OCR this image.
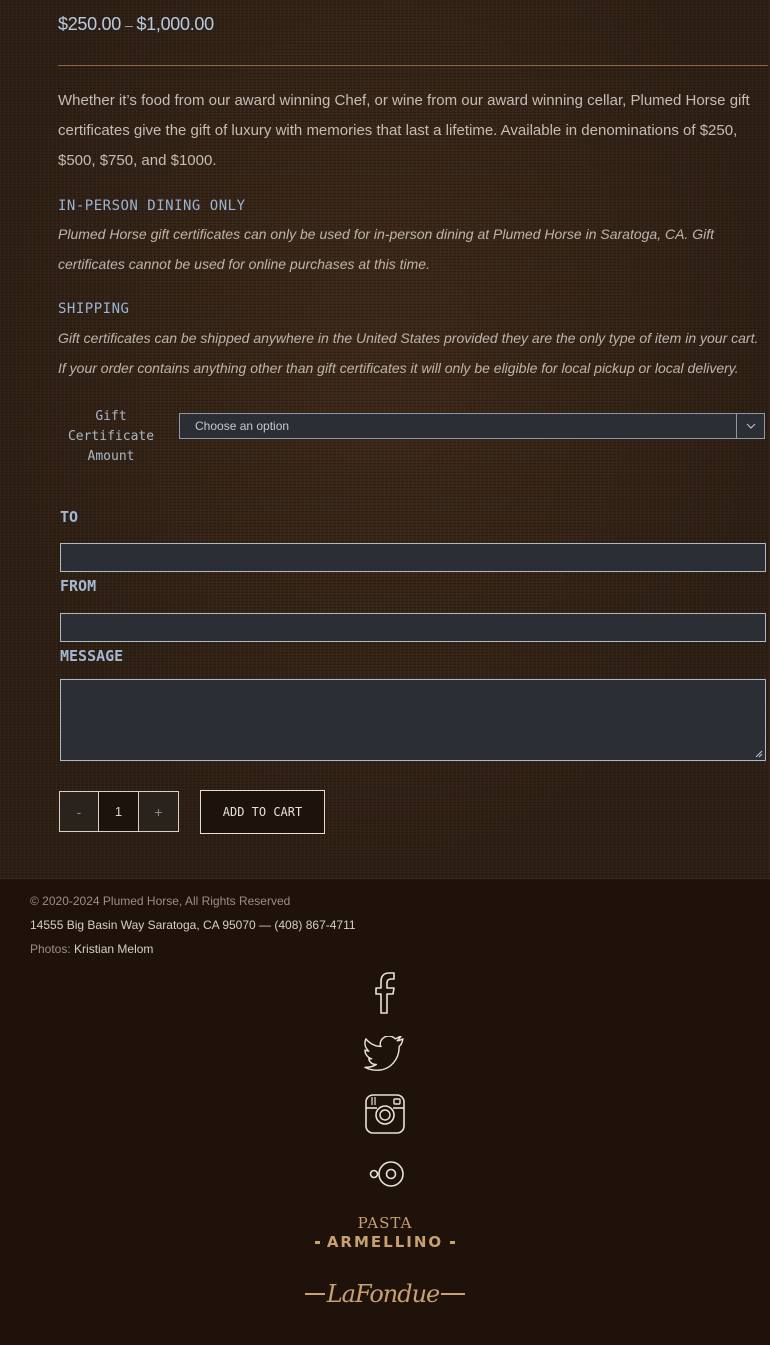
$250.00 – $1,000.00
Whether it’s food from our award winning Chef, or wine from our award winning cellar, Plumed Horse gift certificates give the gift of luxury with memories that last a lifetime. Available in denominations of $250, $500, $750, and $1000.
IN-PERSON DINING ONLY
Plumed Horse gift certificates can only be used for in-person dining at Plumed Horse in Saratoga, CA. Gift certificates cannot be used for online purchases at this time.
SHIPPING
Gift certificates can be shipped anywhere in the United States provided they are the only type of item in your cart. If your order contains anything other than gift certificates it will only be eligible for local pickup or local delivery.
Gift Certificate Amount
Choose an option
TO
FROM
MESSAGE
-	1	+	ADD TO CART
© 2020-2024 Plumed Horse, All Rights Reserved
14555 Big Basin Way Saratoga, CA 95070 — (408) 867-4711
Photos: Kristian Melom
PASTA
ARMELLINO
LaFondue
